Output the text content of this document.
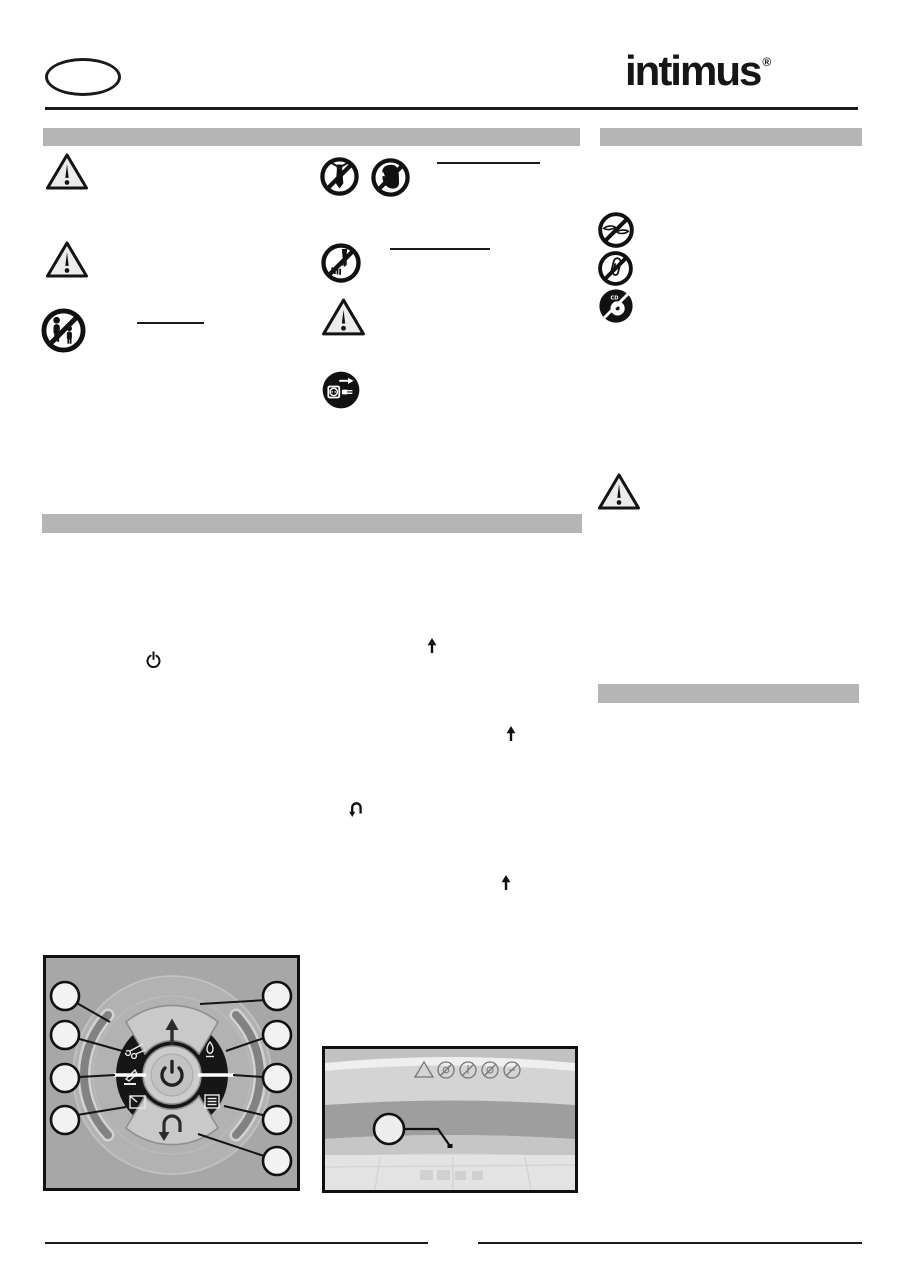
intimus ®
CD
